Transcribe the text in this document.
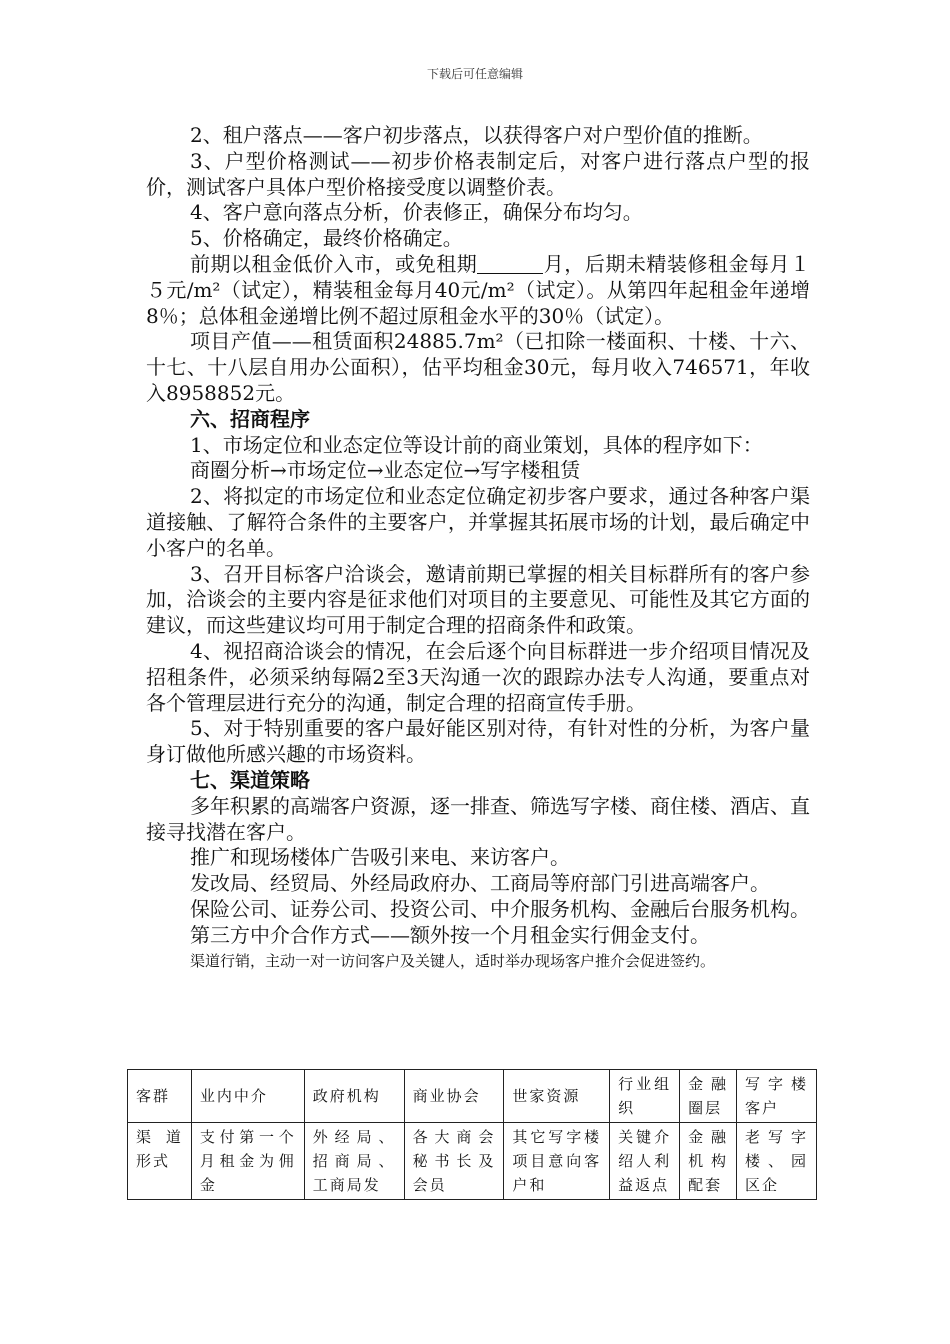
下载后可任意编辑

2、租户落点——客户初步落点，以获得客户对户型价值的推断。

3、户型价格测试——初步价格表制定后，对客户进行落点户型的报价，测试客户具体户型价格接受度以调整价表。

4、客户意向落点分析，价表修正，确保分布均匀。

5、价格确定，最终价格确定。

前期以租金低价入市，或免租期	月，后期未精装修租金每月１５元/m²（试定），精装租金每月40元/m²（试定）。从第四年起租金年递增8％；总体租金递增比例不超过原租金水平的30％（试定）。

项目产值——租赁面积24885.7m²（已扣除一楼面积、十楼、十六、十七、十八层自用办公面积），估平均租金30元，每月收入746571，年收入8958852元。

六、招商程序

1、市场定位和业态定位等设计前的商业策划，具体的程序如下：

商圈分析→市场定位→业态定位→写字楼租赁

2、将拟定的市场定位和业态定位确定初步客户要求，通过各种客户渠道接触、了解符合条件的主要客户，并掌握其拓展市场的计划，最后确定中小客户的名单。

3、召开目标客户洽谈会，邀请前期已掌握的相关目标群所有的客户参加，洽谈会的主要内容是征求他们对项目的主要意见、可能性及其它方面的建议，而这些建议均可用于制定合理的招商条件和政策。

4、视招商洽谈会的情况，在会后逐个向目标群进一步介绍项目情况及招租条件，必须采纳每隔2至3天沟通一次的跟踪办法专人沟通，要重点对各个管理层进行充分的沟通，制定合理的招商宣传手册。

5、对于特别重要的客户最好能区别对待，有针对性的分析，为客户量身订做他所感兴趣的市场资料。

七、渠道策略

多年积累的高端客户资源，逐一排查、筛选写字楼、商住楼、酒店、直接寻找潜在客户。

推广和现场楼体广告吸引来电、来访客户。

发改局、经贸局、外经局政府办、工商局等府部门引进高端客户。

保险公司、证券公司、投资公司、中介服务机构、金融后台服务机构。

第三方中介合作方式——额外按一个月租金实行佣金支付。

渠道行销，主动一对一访问客户及关键人，适时举办现场客户推介会促进签约。

客群	业内中介	政府机构	商业协会	世家资源	行业组织	金融圈层	写字楼客户
渠道形式	支付第一个月租金为佣金	外经局、招商局、工商局发	各大商会秘书长及会员	其它写字楼项目意向客户和	关键介绍人利益返点	金融机构配套	老写字楼、园区企
